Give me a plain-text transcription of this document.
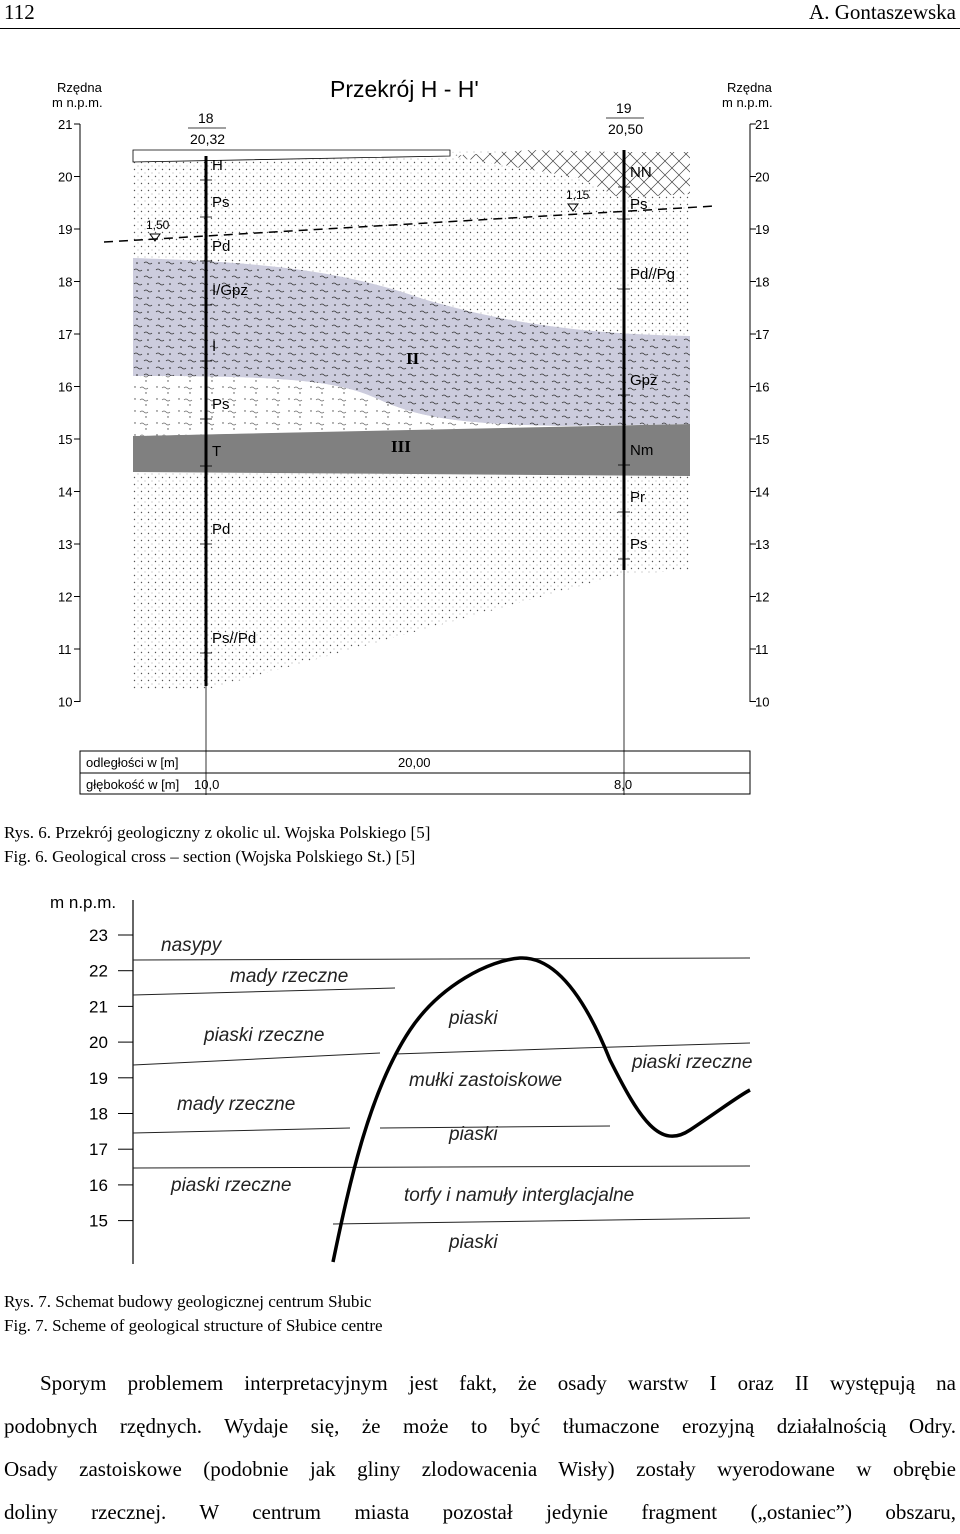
112	A. Gontaszewska
Przekrój H - H'
Rzędna
m n.p.m.
21
20
19
18
17
16
15
14
13
12
11
10
Rzędna
m n.p.m.
21
20
19
18
17
16
15
14
13
12
11
10
18
20,32
19
20,50
1,50
1,15
H
Ps
Pd
I/Gpz
I
Ps
T
Pd
Ps//Pd
NN
Ps
Pd//Pg
Gpz
Nm
Pr
Ps
II
III
odległości w [m]	20,00
głębokość w [m] 10,0	8,0
Rys. 6. Przekrój geologiczny z okolic ul. Wojska Polskiego [5]
Fig. 6. Geological cross – section (Wojska Polskiego St.) [5]
m n.p.m.
23
22
21
20
19
18
17
16
15
nasypy
mady rzeczne
piaski rzeczne
mady rzeczne
piaski rzeczne
piaski
mułki zastoiskowe
piaski
torfy i namuły interglacjalne
piaski
piaski rzeczne
Rys. 7. Schemat budowy geologicznej centrum Słubic
Fig. 7. Scheme of geological structure of Słubice centre

Sporym problemem interpretacyjnym jest fakt, że osady warstw I oraz II występują na

podobnych rzędnych. Wydaje się, że może to być tłumaczone erozyjną działalnością Odry.

Osady zastoiskowe (podobnie jak gliny zlodowacenia Wisły) zostały wyerodowane w obrębie

doliny rzecznej. W centrum miasta pozostał jedynie fragment („ostaniec”) obszaru,
